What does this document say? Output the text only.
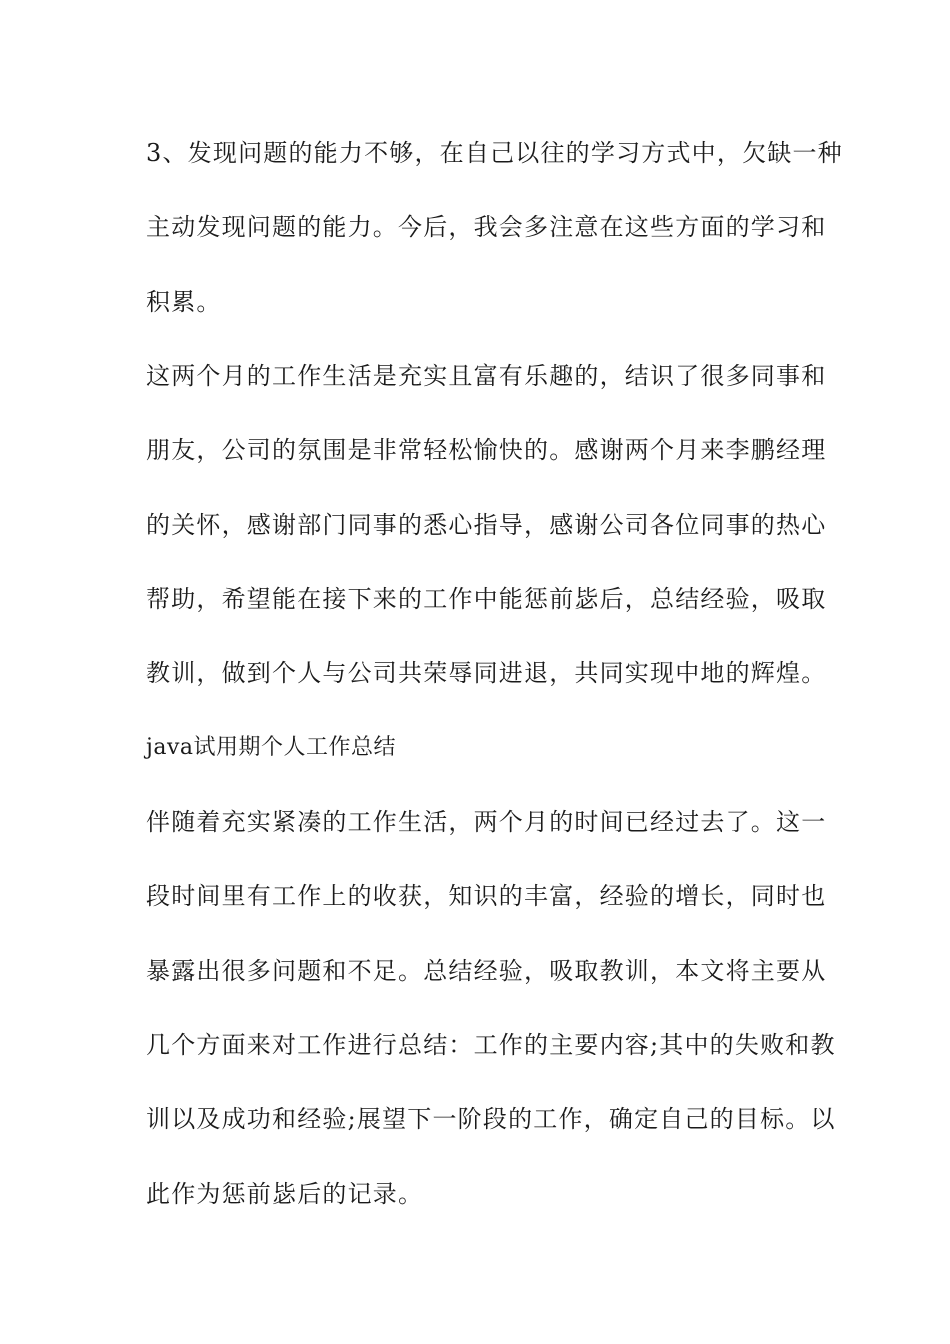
3、发现问题的能力不够，在自己以往的学习方式中，欠缺一种
主动发现问题的能力。今后，我会多注意在这些方面的学习和
积累。
这两个月的工作生活是充实且富有乐趣的，结识了很多同事和
朋友，公司的氛围是非常轻松愉快的。感谢两个月来李鹏经理
的关怀，感谢部门同事的悉心指导，感谢公司各位同事的热心
帮助，希望能在接下来的工作中能惩前毖后，总结经验，吸取
教训，做到个人与公司共荣辱同进退，共同实现中地的辉煌。
java试用期个人工作总结
伴随着充实紧凑的工作生活，两个月的时间已经过去了。这一
段时间里有工作上的收获，知识的丰富，经验的增长，同时也
暴露出很多问题和不足。总结经验，吸取教训，本文将主要从
几个方面来对工作进行总结：工作的主要内容;其中的失败和教
训以及成功和经验;展望下一阶段的工作，确定自己的目标。以
此作为惩前毖后的记录。
